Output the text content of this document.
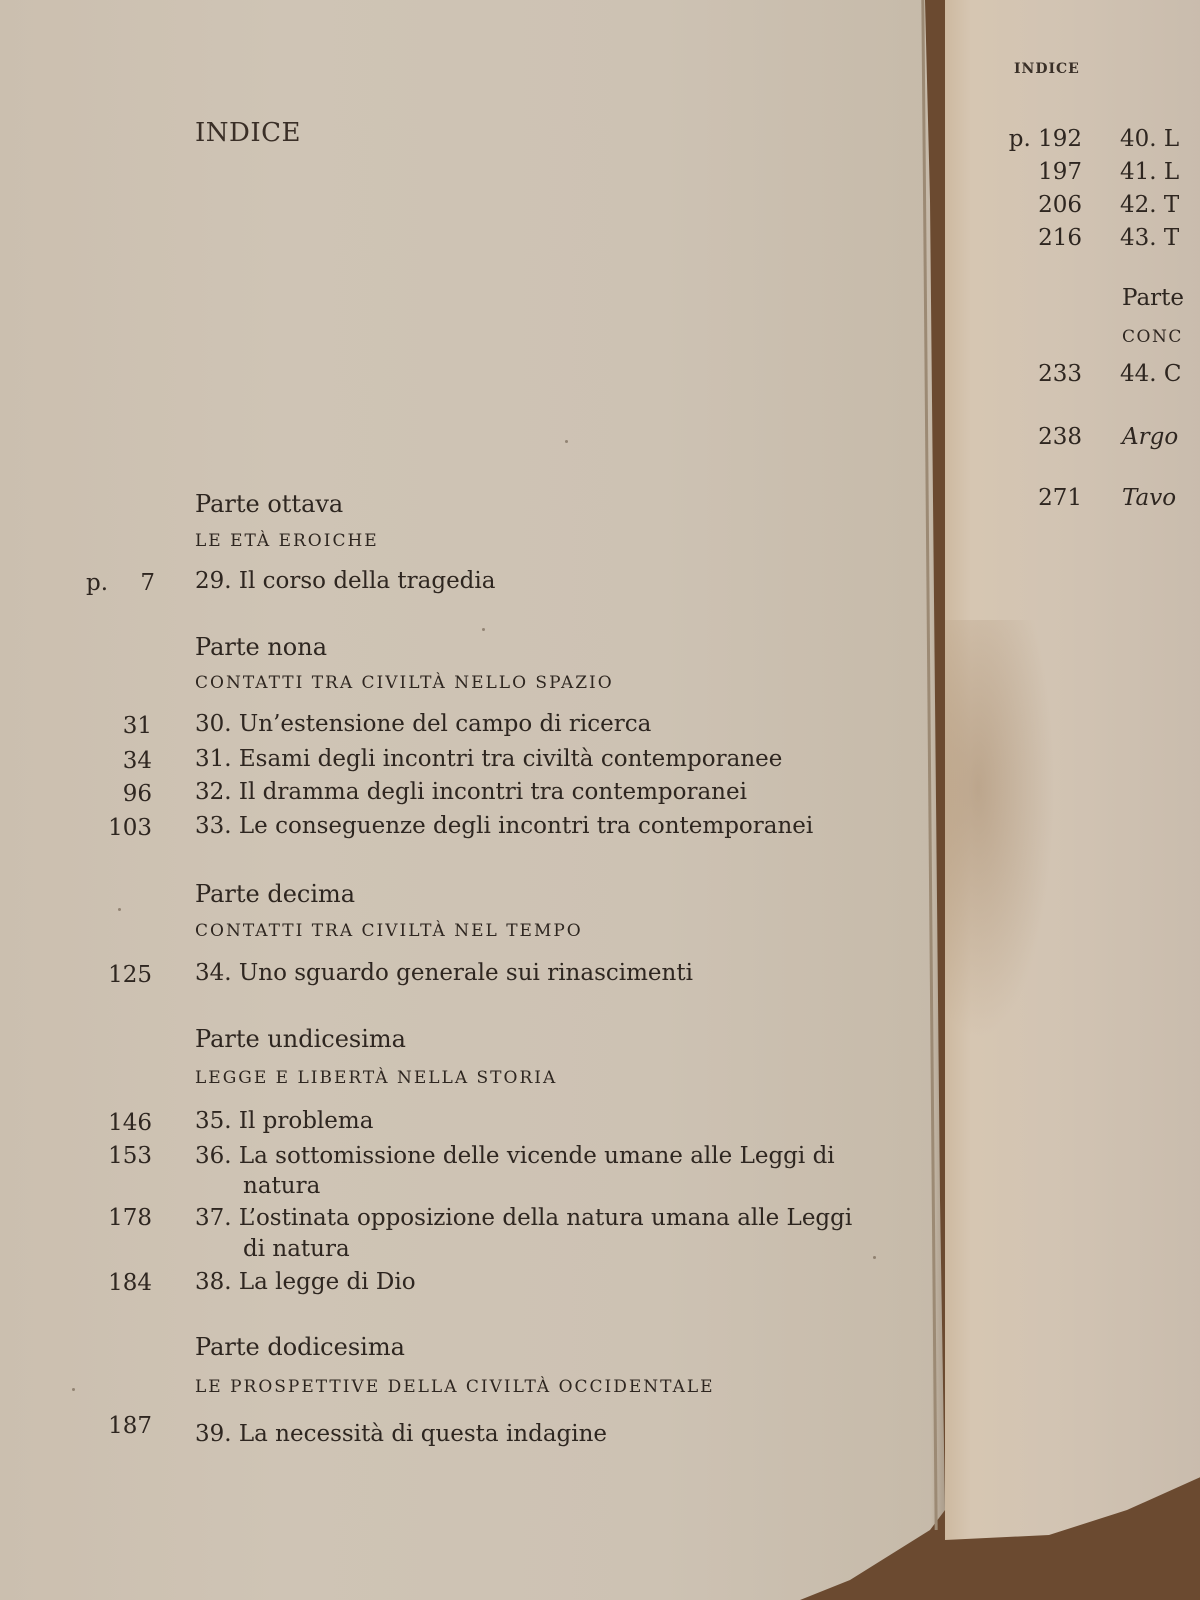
INDICE
p. 192 40. L
197 41. L
206 42. T
216 43. T
Parte
CONC
233 44. C
238 Argo
271 Tavo
INDICE
Parte ottava
LE ETÀ EROICHE
p.	7 29. Il corso della tragedia
Parte nona
CONTATTI TRA CIVILTÀ NELLO SPAZIO
31 30. Un’estensione del campo di ricerca
34 31. Esami degli incontri tra civiltà contemporanee
96 32. Il dramma degli incontri tra contemporanei
103 33. Le conseguenze degli incontri tra contemporanei
Parte decima
CONTATTI TRA CIVILTÀ NEL TEMPO
125 34. Uno sguardo generale sui rinascimenti
Parte undicesima
LEGGE E LIBERTÀ NELLA STORIA
146 35. Il problema
153 36. La sottomissione delle vicende umane alle Leggi di
natura
178 37. L’ostinata opposizione della natura umana alle Leggi
di natura
184 38. La legge di Dio
Parte dodicesima
LE PROSPETTIVE DELLA CIVILTÀ OCCIDENTALE
187 39. La necessità di questa indagine
